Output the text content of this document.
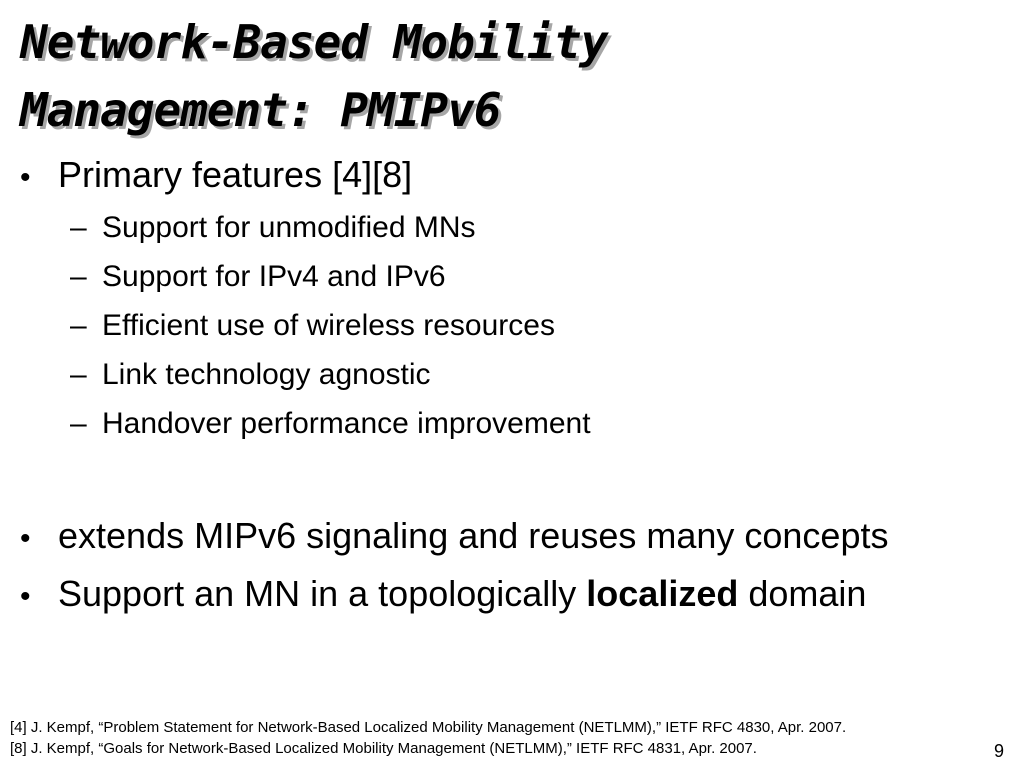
Network-Based Mobility
Management: PMIPv6
• Primary features [4][8]
– Support for unmodified MNs
– Support for IPv4 and IPv6
– Efficient use of wireless resources
– Link technology agnostic
– Handover performance improvement
• extends MIPv6 signaling and reuses many concepts
• Support an MN in a topologically localized domain
[4] J. Kempf, “Problem Statement for Network-Based Localized Mobility Management (NETLMM),” IETF RFC 4830, Apr. 2007.
[8] J. Kempf, “Goals for Network-Based Localized Mobility Management (NETLMM),” IETF RFC 4831, Apr. 2007.	9
